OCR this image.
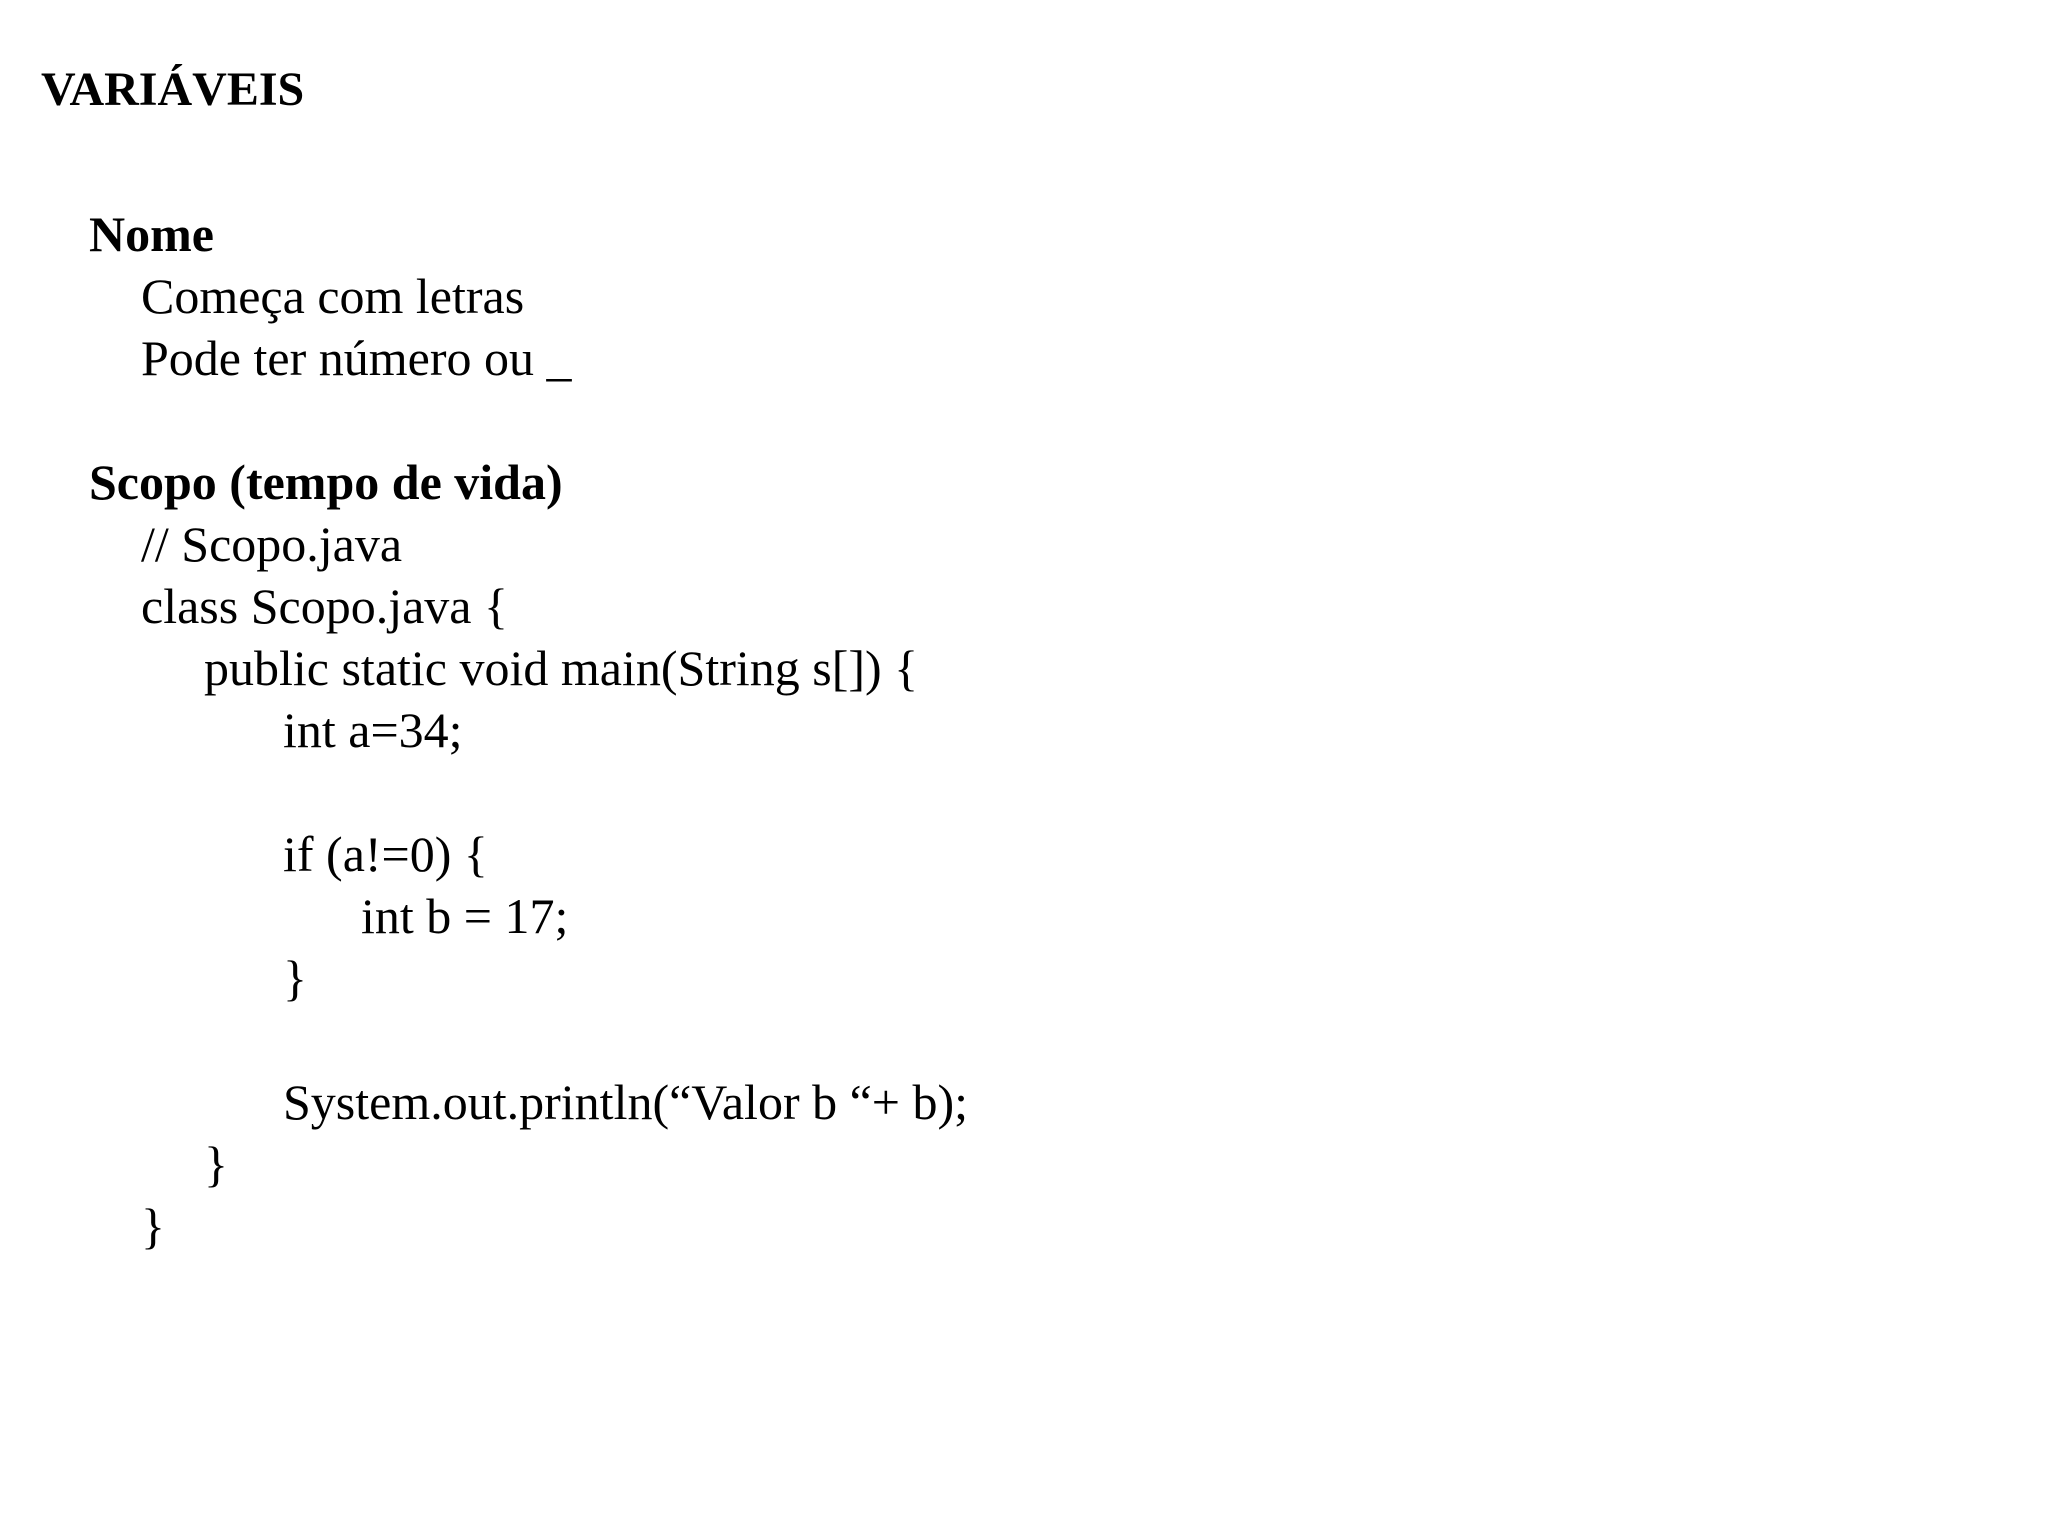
VARIÁVEIS
Nome
Começa com letras
Pode ter número ou _
Scopo (tempo de vida)
// Scopo.java
class Scopo.java {
public static void main(String s[]) {
int a=34;
if (a!=0) {
int b = 17;
}
System.out.println(“Valor b “+ b);
}
}
